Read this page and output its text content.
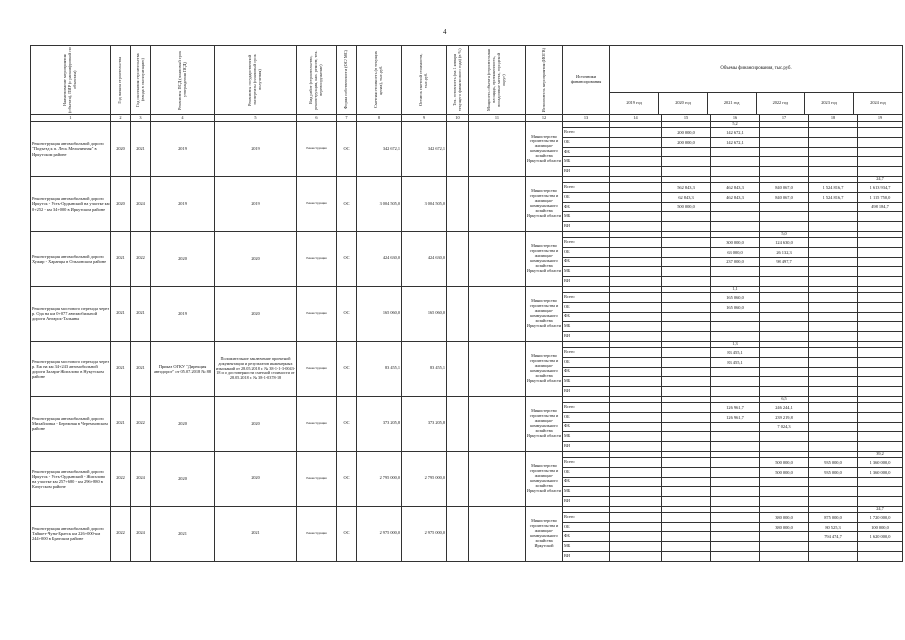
4
Наименование мероприятия (объекта), ПИР (с расшифровкой по объектам)	Год начала строительства	Год окончания строительства (ввода в эксплуатацию)	Реквизиты ПСД (плановый срок утверждения ПСД)	Реквизиты государственной экспертизы (плановый срок получения)	Вид работ (строительство, реконструкция, кап. ремонт, тех. перевооружение)	Форма собственности (ОС/ МС)	Сметная стоимость (в текущих ценах), тыс.руб.	Остаток сметной стоимости, тыс.руб.	Тех. готовность (на 1 января текущего финансового года) (в %)	Мощность объекта (строительная площадь, протяженность, посадочные места, городской округ)	Исполнитель мероприятия (ИОГВ)	Источники финансирования

Объемы финансирования, тыс.руб.
2019 год	2020 год	2021 год	2022 год	2023 год	2024 год

1	2	3	4	5	6	7	8	9	10	11	12	13	14	15	16	17	18	19
Реконструкция автомобильной дороги "Подъезд к п. Лесь Мельничная" в Иркутском районе	2020	2021	2019	2019	Реконструкция	ОС	342 672,1	342 672,1			Министерство строительства и жилищно-коммунального хозяйства Иркутской области				5,2			
Всего		200 000,0	142 672,1			
ОБ		200 000,0	142 672,1			
ФБ						
МБ						
ВИ						
Реконструкция автомобильной дороги Иркутск - Усть-Ордынский на участке км 0+252 - км 34+000 в Иркутском районе	2020	2024	2019	2019	Реконструкция	ОС	3 004 505,0	3 004 505,0			Министерство строительства и жилищно-коммунального хозяйства Иркутской области							24,7
Всего		562 843,3	462 843,3	840 067,0	1 524 816,7	1 613 934,7
ОБ		62 843,3	462 843,3	840 067,0	1 524 816,7	1 115 750,0
ФБ		500 000,0				498 184,7
МБ						
ВИ						
Реконструкция автомобильной дороги Хужир - Харанцы в Ольхонском районе	2021	2022	2020	2020	Реконструкция	ОС	424 630,0	424 630,0			Министерство строительства и жилищно-коммунального хозяйства Иркутской области					5,0		
Всего			300 000,0	124 630,0		
ОБ			63 000,0	26 132,3		
ФБ			237 000,0	98 497,7		
МБ						
ВИ						
Реконструкция мостового перехода через р. Ода на км 0+077 автомобильной дороги Ангарск-Тальяны	2021	2021	2019	2020	Реконструкция	ОС	165 060,0	165 060,0			Министерство строительства и жилищно-коммунального хозяйства Иркутской области				1,1			
Всего			165 060,0			
ОБ			165 060,0			
ФБ						
МБ						
ВИ						
Реконструкция мостового перехода через р. Еж на км 34+243 автомобильной дороги Залари-Жигалово в Нукутском районе	2021	2021	Приказ ОГКУ "Дирекция автодорог" от 05.07.2018 № 88	Положительное заключение проектной документации и результатов инженерных изысканий от 28.05.2018 г. № 38-1-1-3-0043-18 и о достоверности сметной стоимости от 28.05.2018 г. № 38-1-0378-18	Реконструкция	ОС	83 455,1	83 455,1			Министерство строительства и жилищно-коммунального хозяйства Иркутской области				1,3			
Всего			83 455,1			
ОБ			83 455,1			
ФБ						
МБ						
ВИ						
Реконструкция автомобильной дороги Михайловка - Бережная в Черемховском районе	2021	2022	2020	2020	Реконструкция	ОС	373 205,8	373 205,8			Министерство строительства и жилищно-коммунального хозяйства Иркутской области					6,5		
Всего			126 961,7	246 244,1		
ОБ			126 961,7	239 219,8		
ФБ				7 024,3		
МБ						
ВИ						
Реконструкция автомобильной дороги Иркутск - Усть-Ордынский - Жигалово на участке км 257+680 - км 296+880 в Качугском районе	2022	2024	2020	2020	Реконструкция	ОС	2 795 000,0	2 795 000,0			Министерство строительства и жилищно-коммунального хозяйства Иркутской области							39,2
Всего				500 000,0	935 000,0	1 360 000,0
ОБ				500 000,0	935 000,0	1 360 000,0
ФБ						
МБ						
ВИ						
Реконструкция автомобильной дороги Тайшет-Чуна-Братск км 226+000-км 244+000 в Братском районе	2022	2024	2021	2021	Реконструкция	ОС	2 975 000,0	2 975 000,0			Министерство строительства и жилищно-коммунального хозяйства Иркутской							24,7
Всего				380 000,0	875 000,0	1 720 000,0
ОБ				380 000,0	80 525,3	100 000,0
ФБ					794 474,7	1 620 000,0
МБ						
ВИ						
